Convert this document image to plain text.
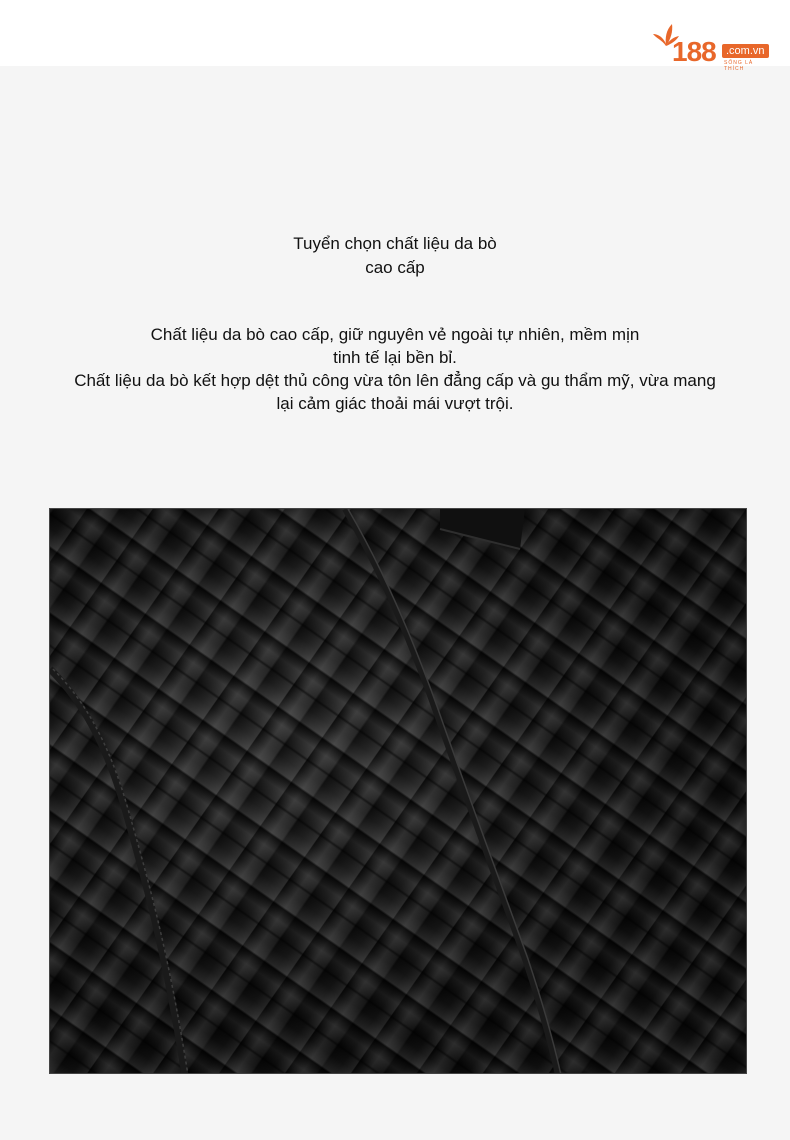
188 .com.vn
SỐNG LÀ THÍCH
Tuyển chọn chất liệu da bò
cao cấp

Chất liệu da bò cao cấp, giữ nguyên vẻ ngoài tự nhiên, mềm mịn
tinh tế lại bền bỉ.

Chất liệu da bò kết hợp dệt thủ công vừa tôn lên đẳng cấp và gu thẩm mỹ, vừa mang
lại cảm giác thoải mái vượt trội.
